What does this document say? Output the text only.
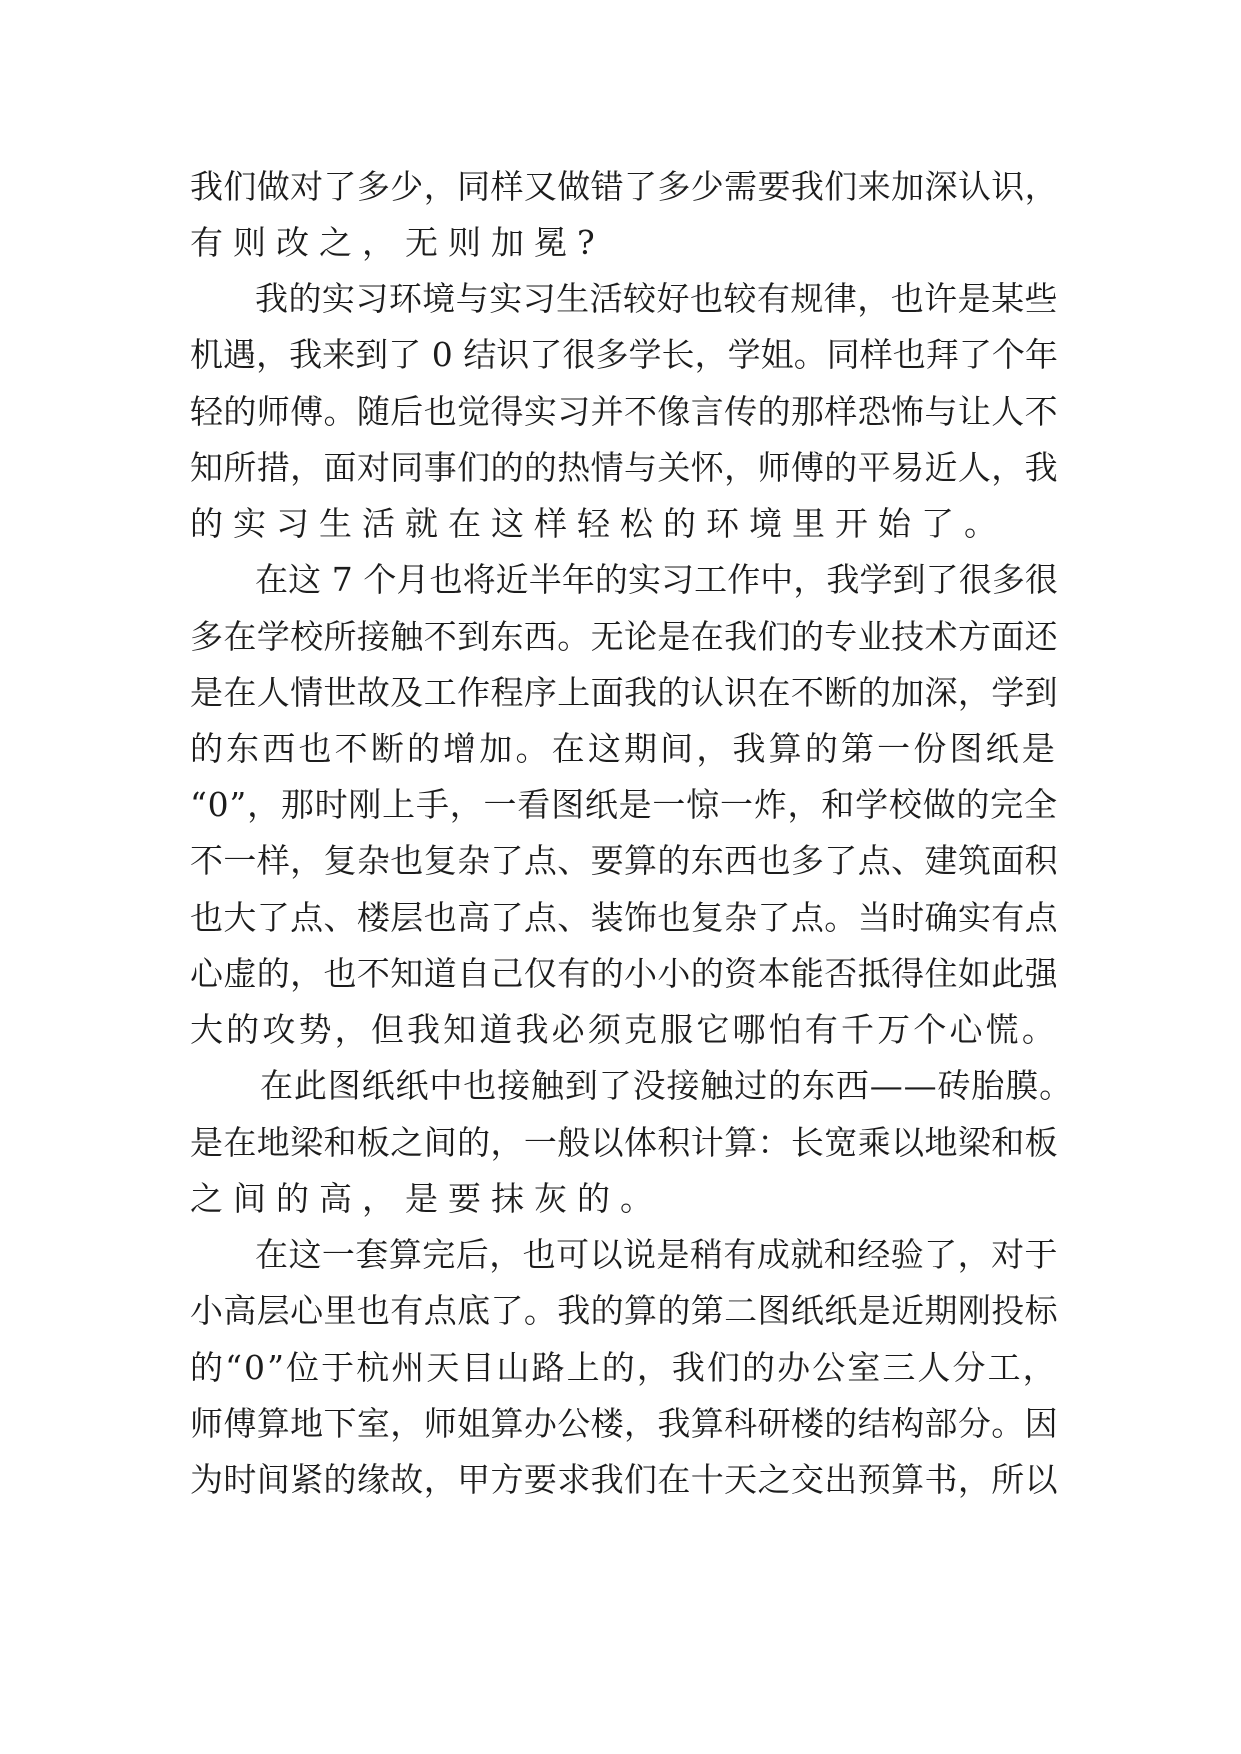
我们做对了多少，同样又做错了多少需要我们来加深认识，
有则改之，无则加冕?
我的实习环境与实习生活较好也较有规律，也许是某些
机遇，我来到了 0 结识了很多学长，学姐。同样也拜了个年
轻的师傅。随后也觉得实习并不像言传的那样恐怖与让人不
知所措，面对同事们的的热情与关怀，师傅的平易近人，我
的实习生活就在这样轻松的环境里开始了。
在这 7 个月也将近半年的实习工作中，我学到了很多很
多在学校所接触不到东西。无论是在我们的专业技术方面还
是在人情世故及工作程序上面我的认识在不断的加深，学到
的东西也不断的增加。在这期间，我算的第一份图纸是
“0”，那时刚上手，一看图纸是一惊一炸，和学校做的完全
不一样，复杂也复杂了点、要算的东西也多了点、建筑面积
也大了点、楼层也高了点、装饰也复杂了点。当时确实有点
心虚的，也不知道自己仅有的小小的资本能否抵得住如此强
大的攻势，但我知道我必须克服它哪怕有千万个心慌。
在此图纸纸中也接触到了没接触过的东西——砖胎膜。
是在地梁和板之间的，一般以体积计算：长宽乘以地梁和板
之间的高，是要抹灰的。
在这一套算完后，也可以说是稍有成就和经验了，对于
小高层心里也有点底了。我的算的第二图纸纸是近期刚投标
的“0”位于杭州天目山路上的，我们的办公室三人分工，
师傅算地下室，师姐算办公楼，我算科研楼的结构部分。因
为时间紧的缘故，甲方要求我们在十天之交出预算书，所以
